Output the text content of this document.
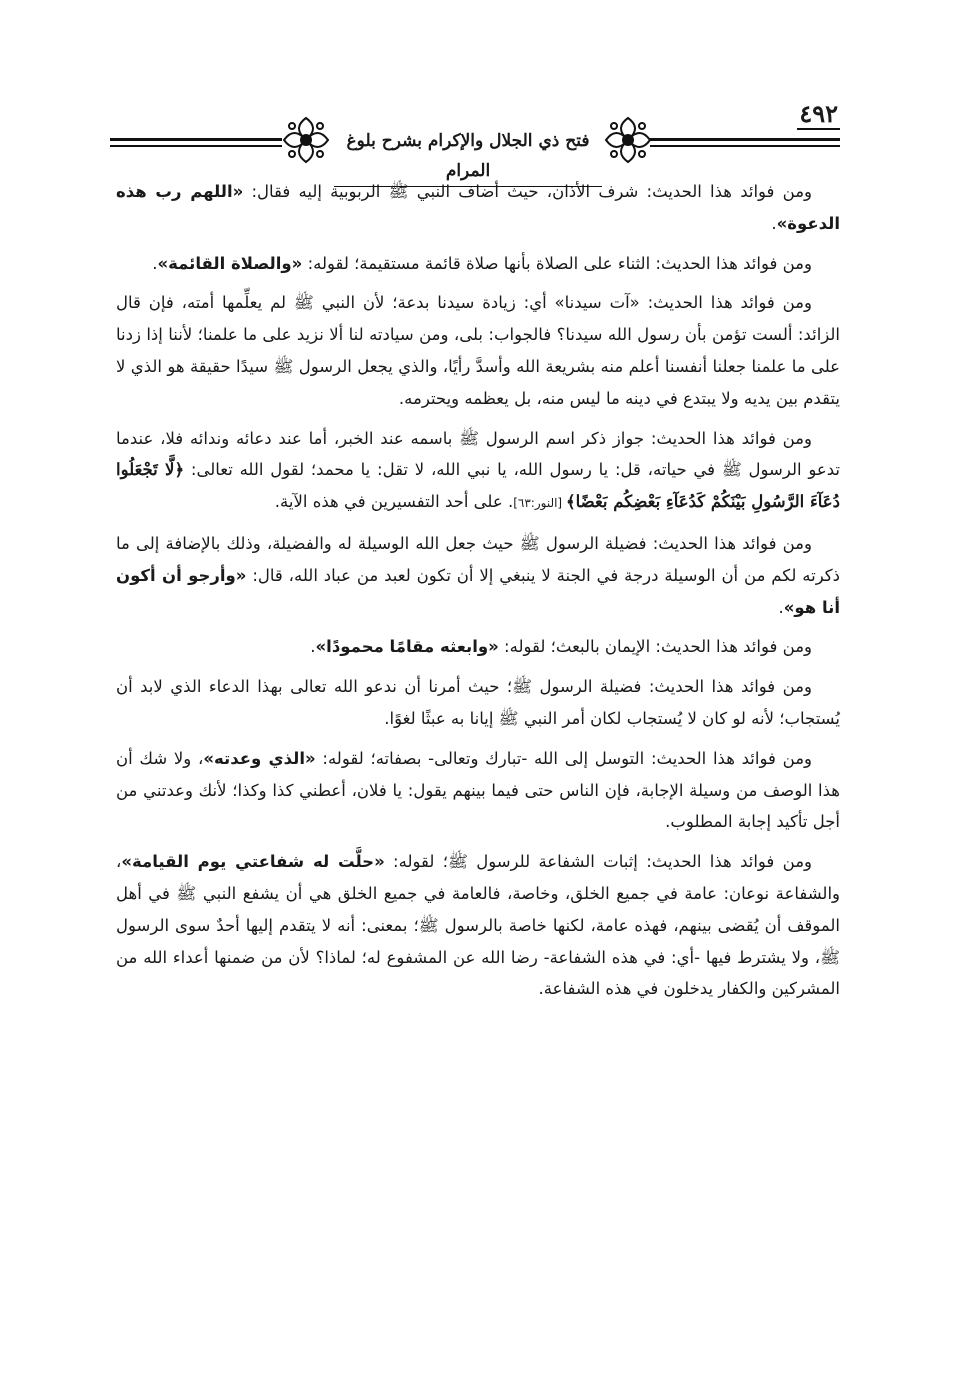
فتح ذي الجلال والإكرام بشرح بلوغ المرام
٤٩٢

ومن فوائد هذا الحديث: شرف الأذان، حيث أضاف النبي ﷺ الربوبية إليه فقال: «اللهم رب هذه الدعوة».

ومن فوائد هذا الحديث: الثناء على الصلاة بأنها صلاة قائمة مستقيمة؛ لقوله: «والصلاة القائمة».

ومن فوائد هذا الحديث: «آت سيدنا» أي: زيادة سيدنا بدعة؛ لأن النبي ﷺ لم يعلِّمها أمته، فإن قال الزائد: ألست تؤمن بأن رسول الله سيدنا؟ فالجواب: بلى، ومن سيادته لنا ألا نزيد على ما علمنا؛ لأننا إذا زدنا على ما علمنا جعلنا أنفسنا أعلم منه بشريعة الله وأسدَّ رأيًا، والذي يجعل الرسول ﷺ سيدًا حقيقة هو الذي لا يتقدم بين يديه ولا يبتدع في دينه ما ليس منه، بل يعظمه ويحترمه.

ومن فوائد هذا الحديث: جواز ذكر اسم الرسول ﷺ باسمه عند الخبر، أما عند دعائه وندائه فلا، عندما تدعو الرسول ﷺ في حياته، قل: يا رسول الله، يا نبي الله، لا تقل: يا محمد؛ لقول الله تعالى: ﴿لَّا تَجْعَلُوا دُعَآءَ الرَّسُولِ بَيْنَكُمْ كَدُعَآءِ بَعْضِكُم بَعْضًا﴾ [النور:٦٣]. على أحد التفسيرين في هذه الآية.

ومن فوائد هذا الحديث: فضيلة الرسول ﷺ حيث جعل الله الوسيلة له والفضيلة، وذلك بالإضافة إلى ما ذكرته لكم من أن الوسيلة درجة في الجنة لا ينبغي إلا أن تكون لعبد من عباد الله، قال: «وأرجو أن أكون أنا هو».

ومن فوائد هذا الحديث: الإيمان بالبعث؛ لقوله: «وابعثه مقامًا محمودًا».

ومن فوائد هذا الحديث: فضيلة الرسول ﷺ؛ حيث أمرنا أن ندعو الله تعالى بهذا الدعاء الذي لابد أن يُستجاب؛ لأنه لو كان لا يُستجاب لكان أمر النبي ﷺ إيانا به عبثًا لغوًا.

ومن فوائد هذا الحديث: التوسل إلى الله -تبارك وتعالى- بصفاته؛ لقوله: «الذي وعدته»، ولا شك أن هذا الوصف من وسيلة الإجابة، فإن الناس حتى فيما بينهم يقول: يا فلان، أعطني كذا وكذا؛ لأنك وعدتني من أجل تأكيد إجابة المطلوب.

ومن فوائد هذا الحديث: إثبات الشفاعة للرسول ﷺ؛ لقوله: «حلَّت له شفاعتي يوم القيامة»، والشفاعة نوعان: عامة في جميع الخلق، وخاصة، فالعامة في جميع الخلق هي أن يشفع النبي ﷺ في أهل الموقف أن يُقضى بينهم، فهذه عامة، لكنها خاصة بالرسول ﷺ؛ بمعنى: أنه لا يتقدم إليها أحدٌ سوى الرسول ﷺ، ولا يشترط فيها -أي: في هذه الشفاعة- رضا الله عن المشفوع له؛ لماذا؟ لأن من ضمنها أعداء الله من المشركين والكفار يدخلون في هذه الشفاعة.
